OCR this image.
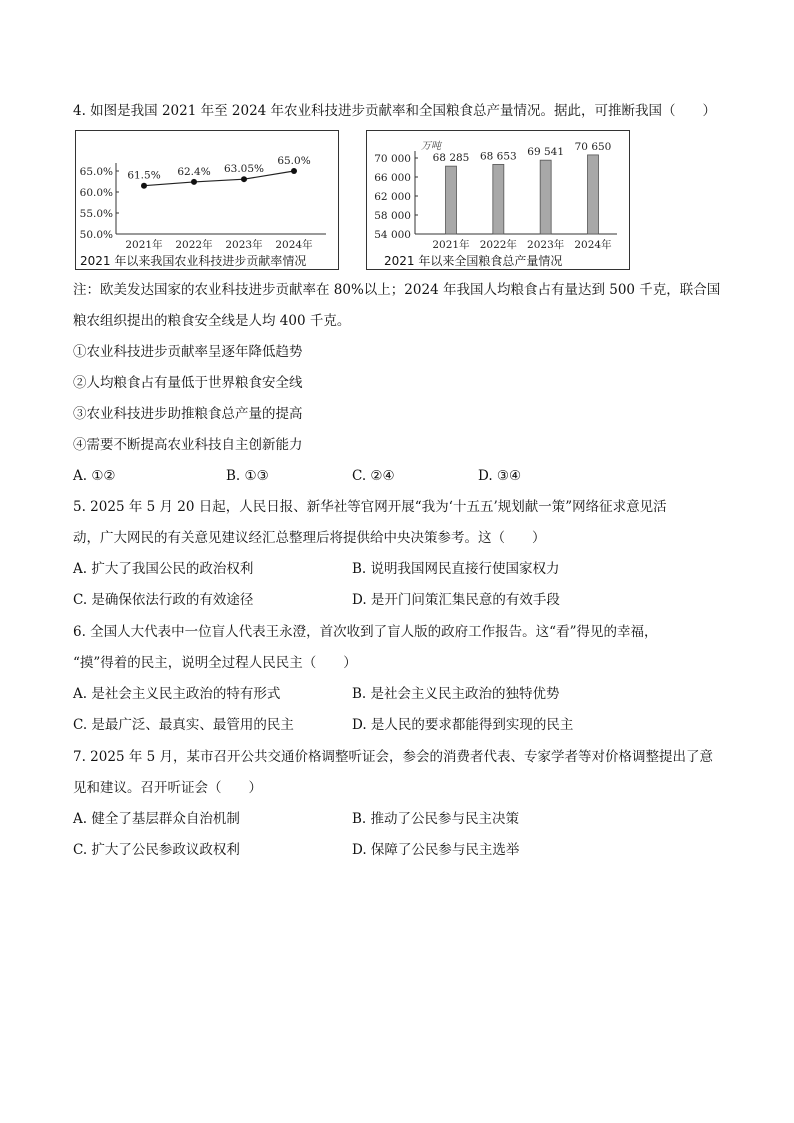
4. 如图是我国 2021 年至 2024 年农业科技进步贡献率和全国粮食总产量情况。据此，可推断我国（　　）
50.0%
55.0%
60.0%
65.0%
2021年 2022年 2023年 2024年
61.5% 62.4% 63.05%
65.0%
2021 年以来我国农业科技进步贡献率情况
万吨
54 000
58 000
62 000
66 000
70 000 68 285
2021年
68 653
2022年
69 541
2023年
70 650
2024年
2021 年以来全国粮食总产量情况
注：欧美发达国家的农业科技进步贡献率在 80%以上；2024 年我国人均粮食占有量达到 500 千克，联合国
粮农组织提出的粮食安全线是人均 400 千克。
①农业科技进步贡献率呈逐年降低趋势
②人均粮食占有量低于世界粮食安全线
③农业科技进步助推粮食总产量的提高
④需要不断提高农业科技自主创新能力
A. ①②	B. ①③	C. ②④	D. ③④
5. 2025 年 5 月 20 日起，人民日报、新华社等官网开展“我为‘十五五’规划献一策”网络征求意见活
动，广大网民的有关意见建议经汇总整理后将提供给中央决策参考。这（　　）
A. 扩大了我国公民的政治权利	B. 说明我国网民直接行使国家权力
C. 是确保依法行政的有效途径	D. 是开门问策汇集民意的有效手段
6. 全国人大代表中一位盲人代表王永澄，首次收到了盲人版的政府工作报告。这“看”得见的幸福，
“摸”得着的民主，说明全过程人民民主（　　）
A. 是社会主义民主政治的特有形式	B. 是社会主义民主政治的独特优势
C. 是最广泛、最真实、最管用的民主	D. 是人民的要求都能得到实现的民主
7. 2025 年 5 月，某市召开公共交通价格调整听证会，参会的消费者代表、专家学者等对价格调整提出了意
见和建议。召开听证会（　　）
A. 健全了基层群众自治机制	B. 推动了公民参与民主决策
C. 扩大了公民参政议政权利	D. 保障了公民参与民主选举
